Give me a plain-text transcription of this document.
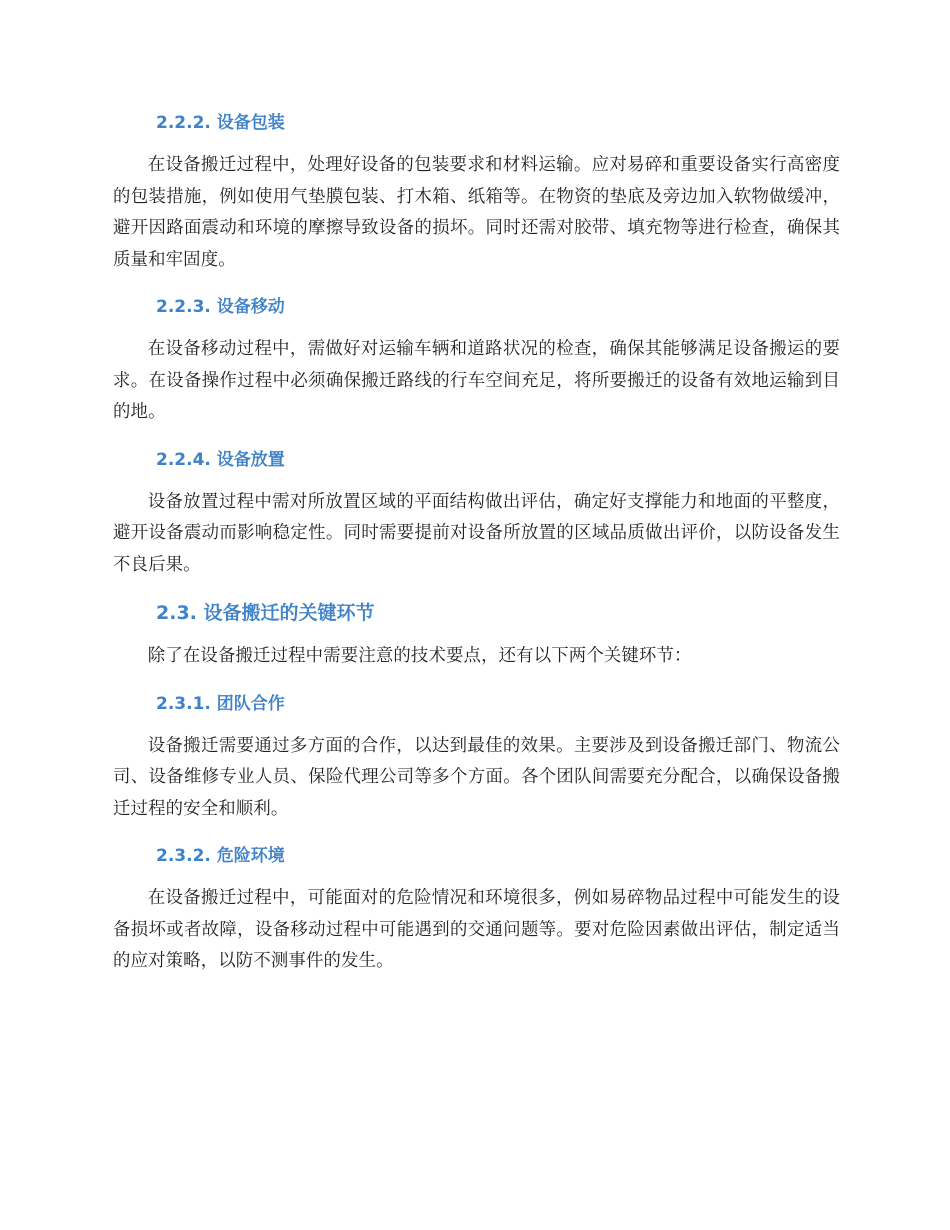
2.2.2. 设备包装

在设备搬迁过程中，处理好设备的包装要求和材料运输。应对易碎和重要设备实行高密度的包装措施，例如使用气垫膜包装、打木箱、纸箱等。在物资的垫底及旁边加入软物做缓冲，避开因路面震动和环境的摩擦导致设备的损坏。同时还需对胶带、填充物等进行检查，确保其质量和牢固度。

2.2.3. 设备移动

在设备移动过程中，需做好对运输车辆和道路状况的检查，确保其能够满足设备搬运的要求。在设备操作过程中必须确保搬迁路线的行车空间充足，将所要搬迁的设备有效地运输到目的地。

2.2.4. 设备放置

设备放置过程中需对所放置区域的平面结构做出评估，确定好支撑能力和地面的平整度，避开设备震动而影响稳定性。同时需要提前对设备所放置的区域品质做出评价，以防设备发生不良后果。

2.3. 设备搬迁的关键环节

除了在设备搬迁过程中需要注意的技术要点，还有以下两个关键环节：

2.3.1. 团队合作

设备搬迁需要通过多方面的合作，以达到最佳的效果。主要涉及到设备搬迁部门、物流公司、设备维修专业人员、保险代理公司等多个方面。各个团队间需要充分配合，以确保设备搬迁过程的安全和顺利。

2.3.2. 危险环境

在设备搬迁过程中，可能面对的危险情况和环境很多，例如易碎物品过程中可能发生的设备损坏或者故障，设备移动过程中可能遇到的交通问题等。要对危险因素做出评估，制定适当的应对策略，以防不测事件的发生。
